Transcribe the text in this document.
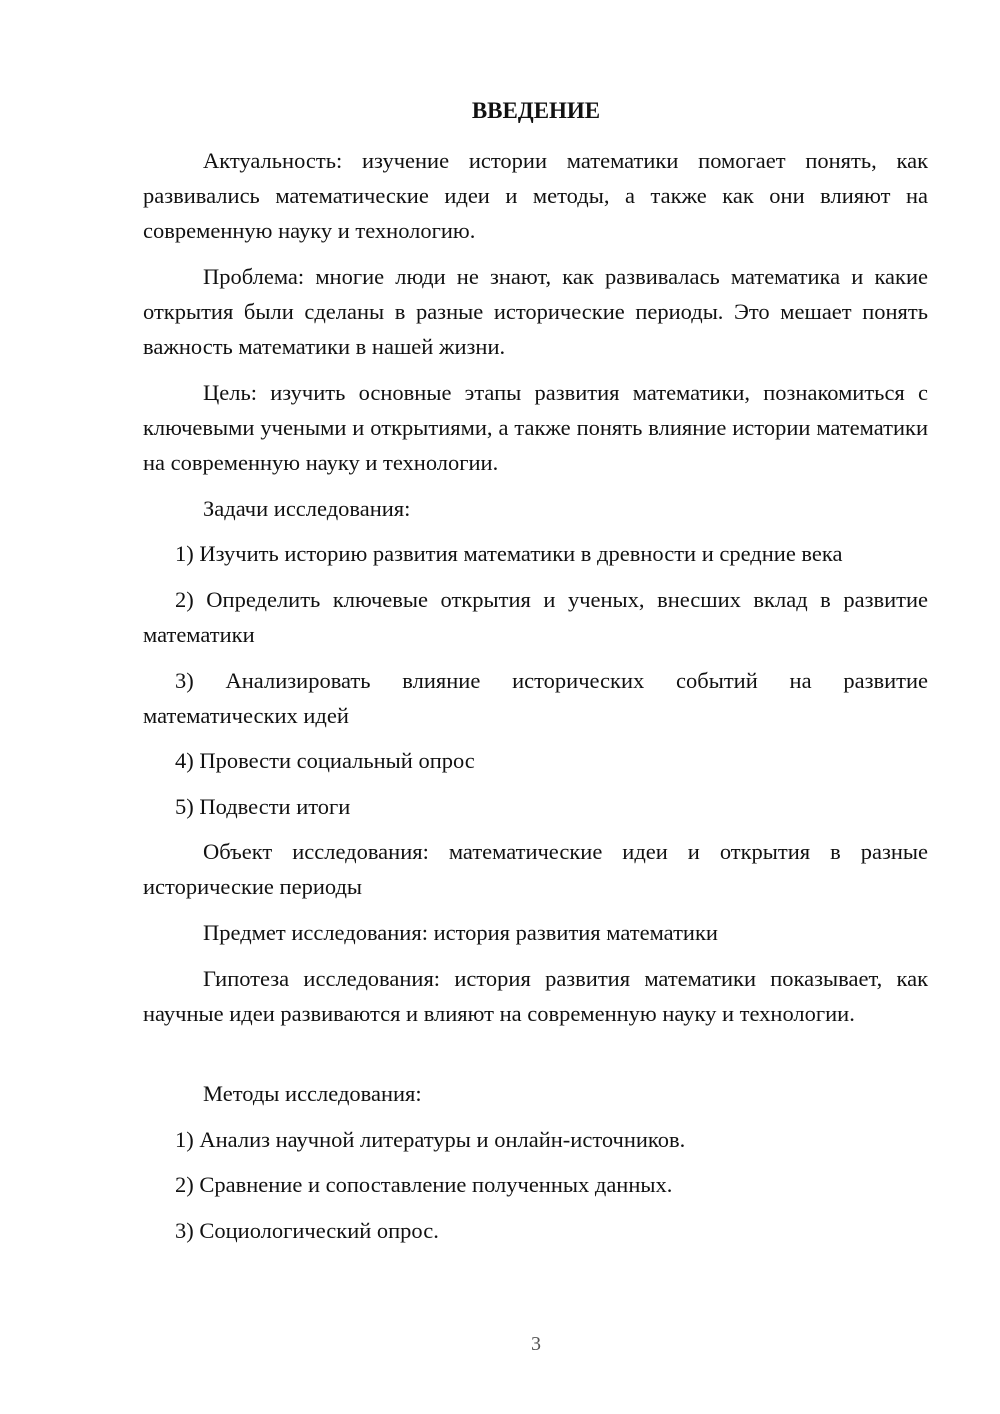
ВВЕДЕНИЕ

Актуальность: изучение истории математики помогает понять, как развивались математические идеи и методы, а также как они влияют на современную науку и технологию.

Проблема: многие люди не знают, как развивалась математика и какие открытия были сделаны в разные исторические периоды. Это мешает понять важность математики в нашей жизни.

Цель: изучить основные этапы развития математики, познакомиться с ключевыми учеными и открытиями, а также понять влияние истории математики на современную науку и технологии.

Задачи исследования:

1) Изучить историю развития математики в древности и средние века

2) Определить ключевые открытия и ученых, внесших вклад в развитие математики

3) Анализировать влияние исторических событий на развитие математических идей

4) Провести социальный опрос

5) Подвести итоги

Объект исследования: математические идеи и открытия в разные исторические периоды

Предмет исследования: история развития математики

Гипотеза исследования: история развития математики показывает, как научные идеи развиваются и влияют на современную науку и технологии.

Методы исследования:

1) Анализ научной литературы и онлайн-источников.

2) Сравнение и сопоставление полученных данных.

3) Социологический опрос.

3
